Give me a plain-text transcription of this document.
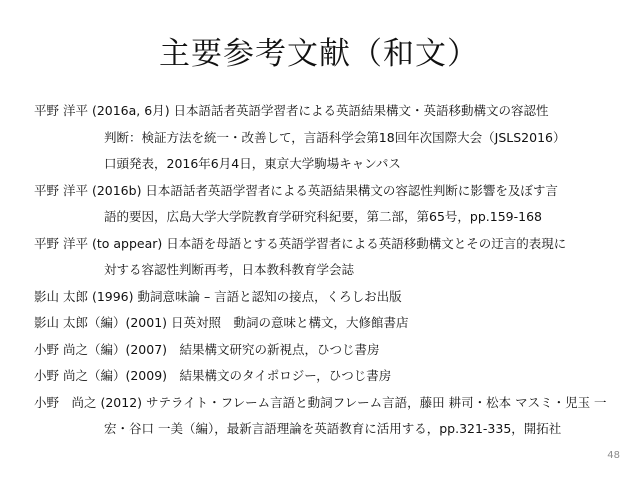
主要参考文献（和文）
平野 洋平 (2016a, 6月) 日本語話者英語学習者による英語結果構文・英語移動構文の容認性
判断：検証方法を統一・改善して，言語科学会第18回年次国際大会（JSLS2016）
口頭発表，2016年6月4日，東京大学駒場キャンパス
平野 洋平 (2016b) 日本語話者英語学習者による英語結果構文の容認性判断に影響を及ぼす言
語的要因，広島大学大学院教育学研究科紀要，第二部，第65号，pp.159-168
平野 洋平 (to appear) 日本語を母語とする英語学習者による英語移動構文とその迂言的表現に
対する容認性判断再考，日本教科教育学会誌
影山 太郎 (1996) 動詞意味論 – 言語と認知の接点，くろしお出版
影山 太郎（編）(2001) 日英対照　動詞の意味と構文，大修館書店
小野 尚之（編）(2007)　結果構文研究の新視点，ひつじ書房
小野 尚之（編）(2009)　結果構文のタイポロジー，ひつじ書房
小野　尚之 (2012) サテライト・フレーム言語と動詞フレーム言語，藤田 耕司・松本 マスミ・児玉 一
宏・谷口 一美（編），最新言語理論を英語教育に活用する，pp.321-335，開拓社
48
